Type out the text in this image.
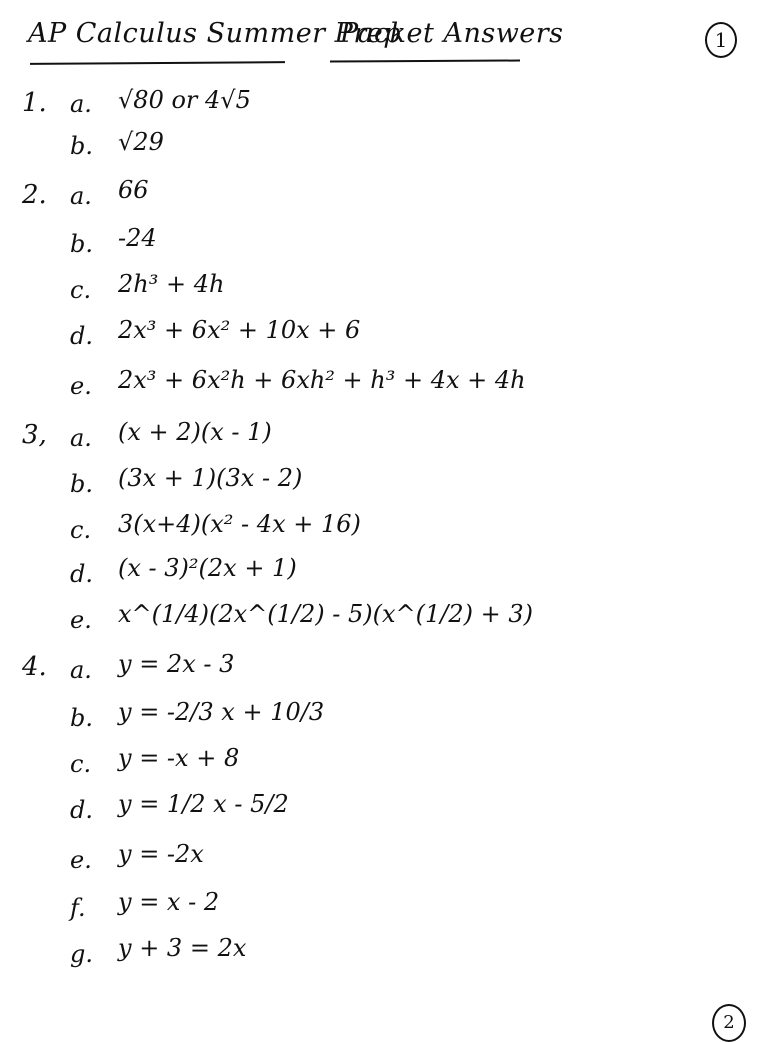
AP Calculus Summer Prep
Packet Answers	1
1. a. √80 or 4√5
b. √29
2. a. 66
b. -24
c. 2h³ + 4h
d. 2x³ + 6x² + 10x + 6
e. 2x³ + 6x²h + 6xh² + h³ + 4x + 4h
3, a. (x + 2)(x - 1)
b. (3x + 1)(3x - 2)
c. 3(x+4)(x² - 4x + 16)
d. (x - 3)²(2x + 1)
e. x^(1/4)(2x^(1/2) - 5)(x^(1/2) + 3)
4. a. y = 2x - 3
b. y = -2/3 x + 10/3
c. y = -x + 8
d. y = 1/2 x - 5/2
e. y = -2x
f. y = x - 2
g. y + 3 = 2x
2
